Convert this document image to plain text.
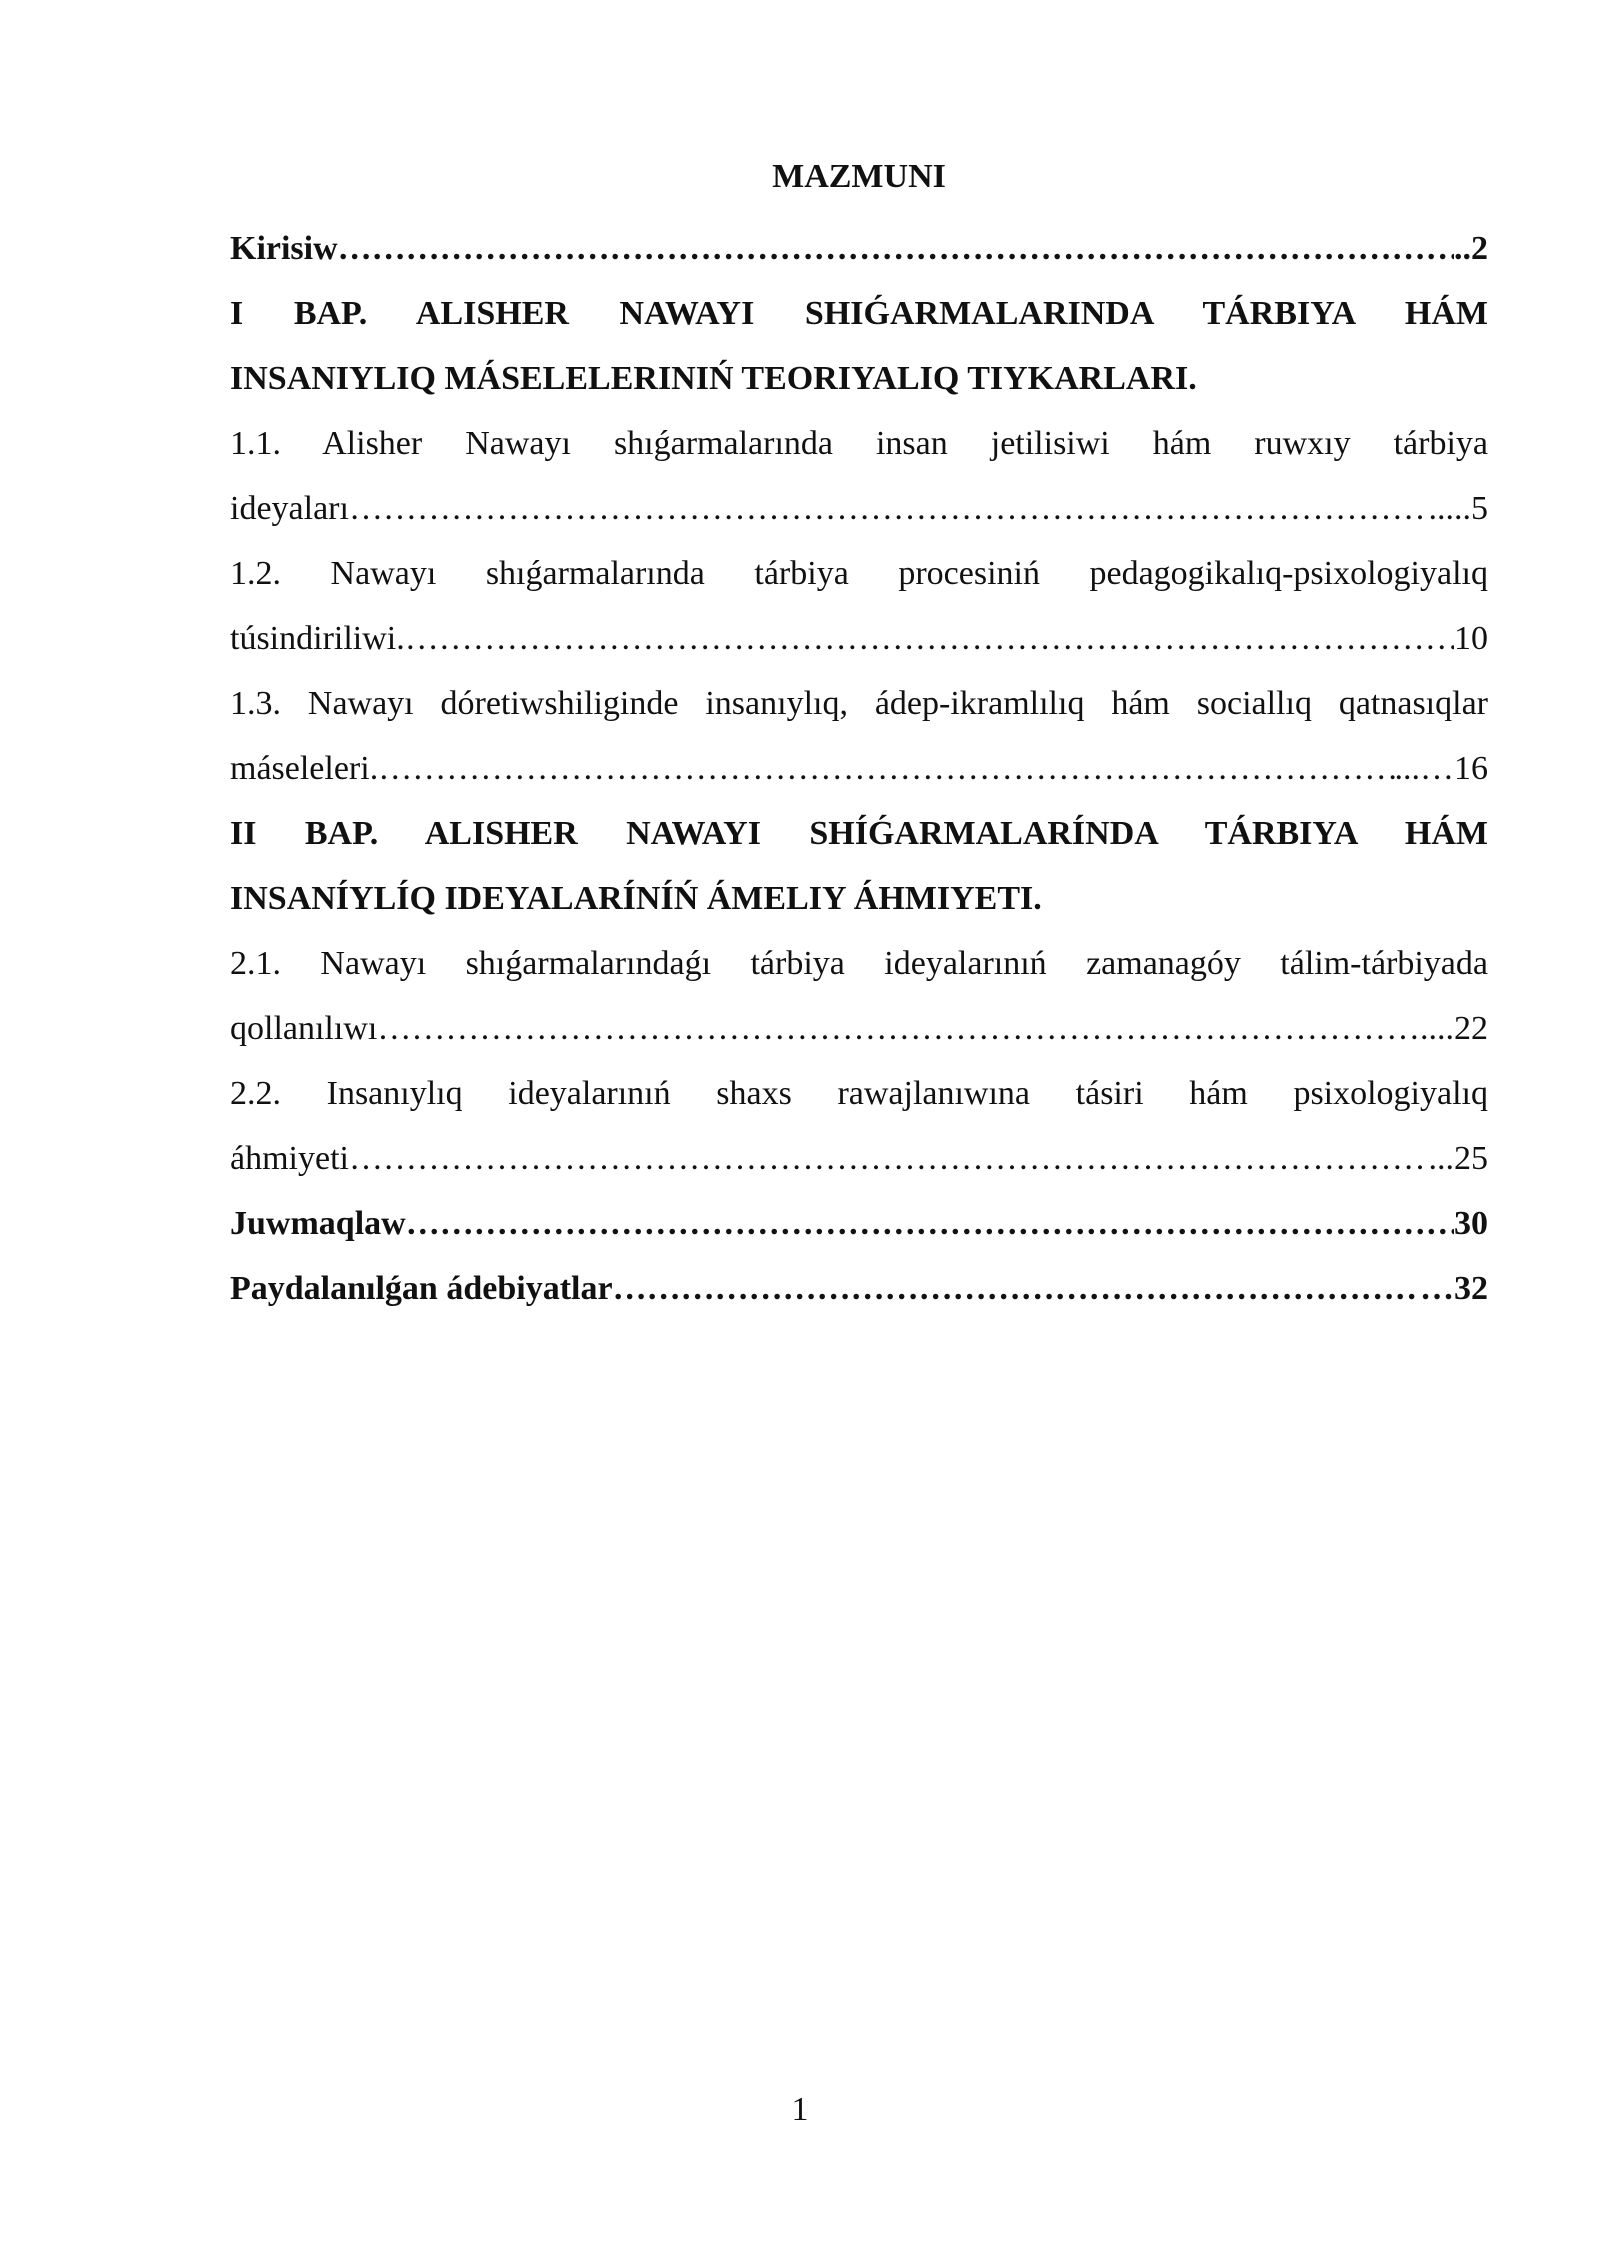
MAZMUNI
Kirisiw …………………………………………………………………………………………………………………………………………………………………………	..2
I BAP. ALISHER NAWAYI SHIǴARMALARINDA TÁRBIYA HÁM
INSANIYLIQ MÁSELELERINIŃ TEORIYALIQ TIYKARLARI.
1.1. Alisher Nawayı shıǵarmalarında insan jetilisiwi hám ruwxıy tárbiya
ideyaları …………………………………………………………………………………………………………………………………………………………………………	.....5
1.2. Nawayı shıǵarmalarında tárbiya procesiniń pedagogikalıq-psixologiyalıq
túsindiriliwi. …………………………………………………………………………………………………………………………………………………………………………	10
1.3. Nawayı dóretiwshiliginde insanıylıq, ádep-ikramlılıq hám sociallıq qatnasıqlar
máseleleri. …………………………………………………………………………………………………………………………………………………………………………	...…16
II BAP. ALISHER NAWAYI SHÍǴARMALARÍNDA TÁRBIYA HÁM
INSANÍYLÍQ IDEYALARÍNÍŃ ÁMELIY ÁHMIYETI.
2.1. Nawayı shıǵarmalarındaǵı tárbiya ideyalarınıń zamanagóy tálim-tárbiyada
qollanılıwı …………………………………………………………………………………………………………………………………………………………………………	....22
2.2. Insanıylıq ideyalarınıń shaxs rawajlanıwına tásiri hám psixologiyalıq
áhmiyeti …………………………………………………………………………………………………………………………………………………………………………	...25
Juwmaqlaw …………………………………………………………………………………………………………………………………………………………………………	30
Paydalanılǵan ádebiyatlar …………………………………………………………………………………………………………………………………………………………………………	…32
1
